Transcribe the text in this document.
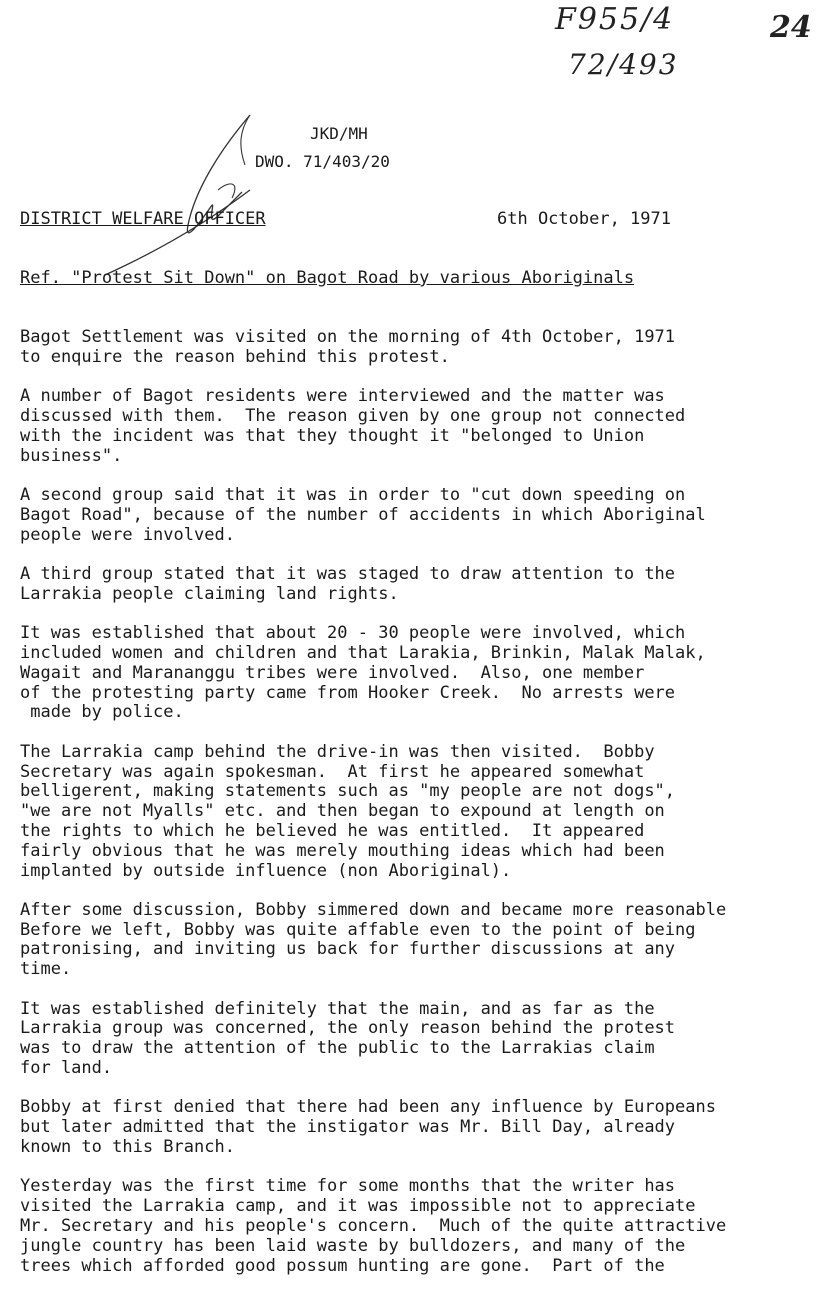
F955/4
72/493
24
JKD/MH
DWO. 71/403/20
DISTRICT WELFARE OFFICER	6th October, 1971
Ref. "Protest Sit Down" on Bagot Road by various Aboriginals

Bagot Settlement was visited on the morning of 4th October, 1971
to enquire the reason behind this protest.

A number of Bagot residents were interviewed and the matter was
discussed with them.  The reason given by one group not connected
with the incident was that they thought it "belonged to Union
business".

A second group said that it was in order to "cut down speeding on
Bagot Road", because of the number of accidents in which Aboriginal
people were involved.

A third group stated that it was staged to draw attention to the
Larrakia people claiming land rights.

It was established that about 20 - 30 people were involved, which
included women and children and that Larakia, Brinkin, Malak Malak,
Wagait and Marananggu tribes were involved.  Also, one member
of the protesting party came from Hooker Creek.  No arrests were
made by police.

The Larrakia camp behind the drive-in was then visited.  Bobby
Secretary was again spokesman.  At first he appeared somewhat
belligerent, making statements such as "my people are not dogs",
"we are not Myalls" etc. and then began to expound at length on
the rights to which he believed he was entitled.  It appeared
fairly obvious that he was merely mouthing ideas which had been
implanted by outside influence (non Aboriginal).

After some discussion, Bobby simmered down and became more reasonable
Before we left, Bobby was quite affable even to the point of being
patronising, and inviting us back for further discussions at any
time.

It was established definitely that the main, and as far as the
Larrakia group was concerned, the only reason behind the protest
was to draw the attention of the public to the Larrakias claim
for land.

Bobby at first denied that there had been any influence by Europeans
but later admitted that the instigator was Mr. Bill Day, already
known to this Branch.

Yesterday was the first time for some months that the writer has
visited the Larrakia camp, and it was impossible not to appreciate
Mr. Secretary and his people's concern.  Much of the quite attractive
jungle country has been laid waste by bulldozers, and many of the
trees which afforded good possum hunting are gone.  Part of the
